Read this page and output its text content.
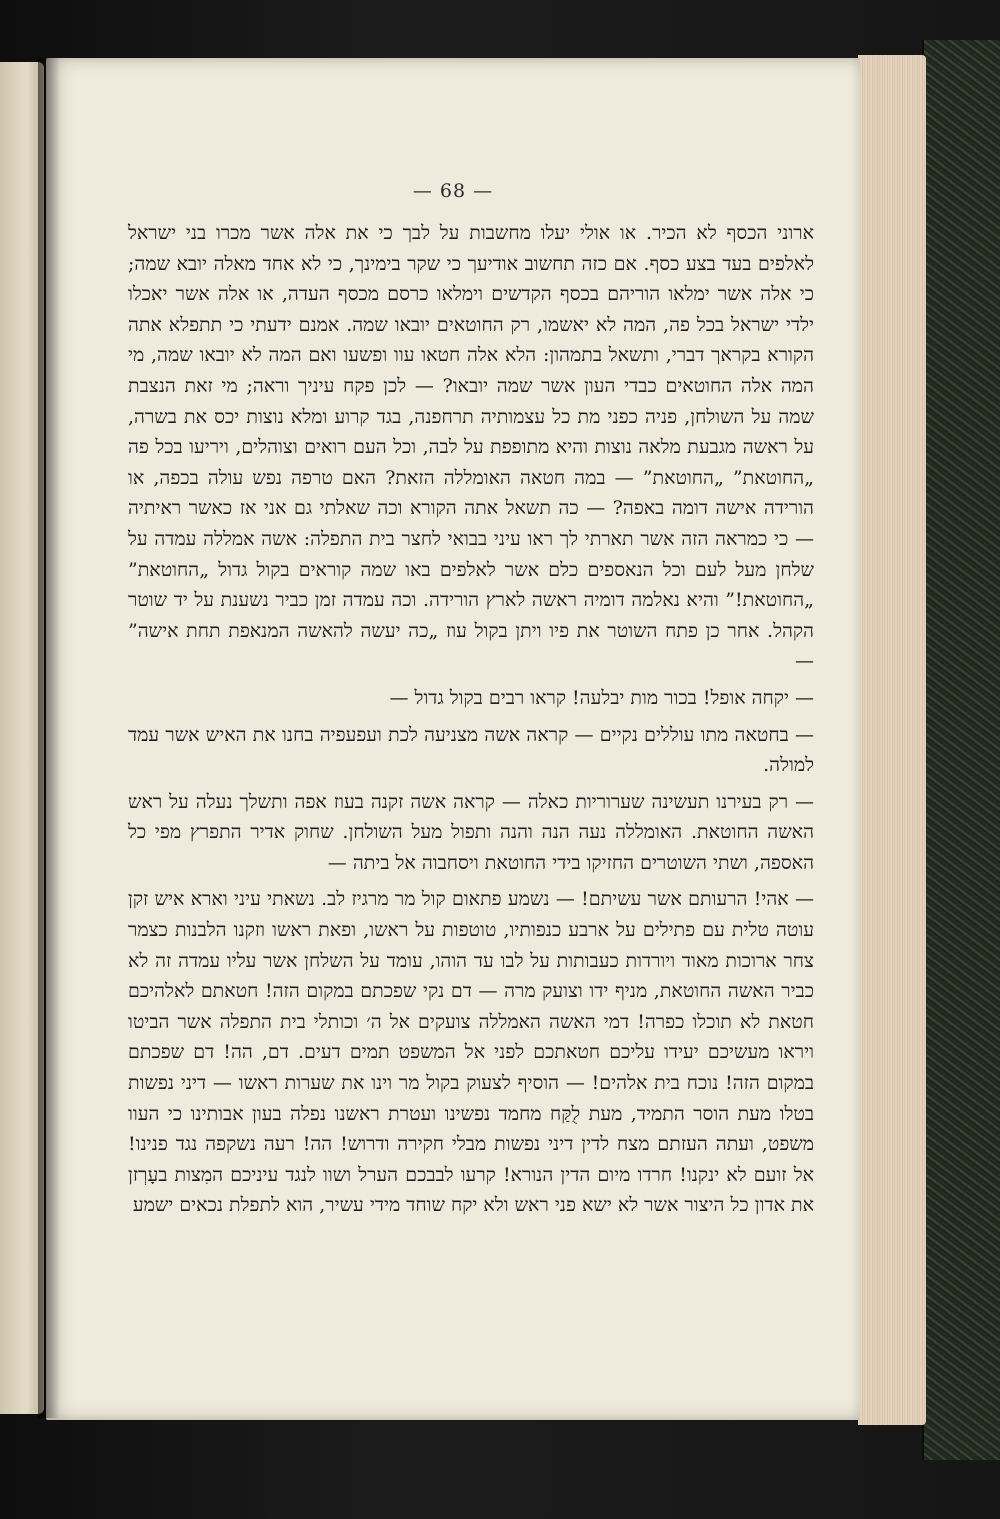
— 68 —

ארוני הכסף לא הכיר. או אולי יעלו מחשבות על לבך כי את אלה אשר מכרו בני ישראל לאלפים בעד בצע כסף. אם כזה תחשוב אודיעך כי שקר בימינך, כי לא אחד מאלה יובא שמה; כי אלה אשר ימלאו הוריהם בכסף הקדשים וימלאו כרסם מכסף העדה, או אלה אשר יאכלו ילדי ישראל בכל פה, המה לא יאשמו, רק החוטאים יובאו שמה. אמנם ידעתי כי תתפלא אתה הקורא בקראך דברי, ותשאל בתמהון: הלא אלה חטאו עוו ופשעו ואם המה לא יובאו שמה, מי המה אלה החוטאים כבדי העון אשר שמה יובאו? — לכן פקח עיניך וראה; מי זאת הנצבת שמה על השולחן, פניה כפני מת כל עצמותיה תרחפנה, בגד קרוע ומלא נוצות יכס את בשרה, על ראשה מגבעת מלאה נוצות והיא מתופפת על לבה, וכל העם רואים וצוהלים, ויריעו בכל פה „החוטאת” „החוטאת” — במה חטאה האומללה הזאת? האם טרפה נפש עולה בכפה, או הורידה אישה דומה באפה? — כה תשאל אתה הקורא וכה שאלתי גם אני אז כאשר ראיתיה — כי כמראה הזה אשר תארתי לך ראו עיני בבואי לחצר בית התפלה: אשה אמללה עמדה על שלחן מעל לעם וכל הנאספים כלם אשר לאלפים באו שמה קוראים בקול גדול „החוטאת” „החוטאת!” והיא נאלמה דומיה ראשה לארץ הורידה. וכה עמדה זמן כביר נשענת על יד שוטר הקהל. אחר כן פתח השוטר את פיו ויתן בקול עוז „כה יעשה להאשה המנאפת תחת אישה” —

— יקחה אופל! בכור מות יבלעה! קראו רבים בקול גדול —

— בחטאה מתו עוללים נקיים — קראה אשה מצניעה לכת ועפעפיה בחנו את האיש אשר עמד למולה.

— רק בעירנו תעשינה שערוריות כאלה — קראה אשה זקנה בעוז אפה ותשלך נעלה על ראש האשה החוטאת. האומללה נעה הנה והנה ותפול מעל השולחן. שחוק אדיר התפרץ מפי כל האספה, ושתי השוטרים החזיקו בידי החוטאת ויסחבוה אל ביתה —

— אהי! הרעותם אשר עשיתם! — נשמע פתאום קול מר מרגיז לב. נשאתי עיני וארא איש זקן עוטה טלית עם פתילים על ארבע כנפותיו, טוטפות על ראשו, ופאת ראשו וזקנו הלבנות כצמר צחר ארוכות מאוד ויורדות כעבותות על לבו עד הוהו, עומד על השלחן אשר עליו עמדה זה לא כביר האשה החוטאת, מניף ידו וצועק מרה — דם נקי שפכתם במקום הזה! חטאתם לאלהיכם חטאת לא תוכלו כפרה! דמי האשה האמללה צועקים אל ה׳ וכותלי בית התפלה אשר הביטו ויראו מעשיכם יעידו עליכם חטאתכם לפני אל המשפט תמים דעים. דם, הה! דם שפכתם במקום הזה! נוכח בית אלהים! — הוסיף לצעוק בקול מר וינו את שערות ראשו — דיני נפשות בטלו מעת הוסר התמיד, מעת לֻקַּח מחמד נפשינו ועטרת ראשנו נפלה בעון אבותינו כי העוו משפט, ועתה העזתם מצח לדין דיני נפשות מבלי חקירה ודרוש! הה! רעה נשקפה נגד פנינו! אל זועם לא ינקנו! חרדו מיום הדין הנורא! קרעו לבבכם הערל ושוו לנגד עיניכם המִצות בעָרְזן את אדון כל היצור אשר לא ישא פני ראש ולא יקח שוחד מידי עשיר, הוא לתפלת נכאים ישמע
